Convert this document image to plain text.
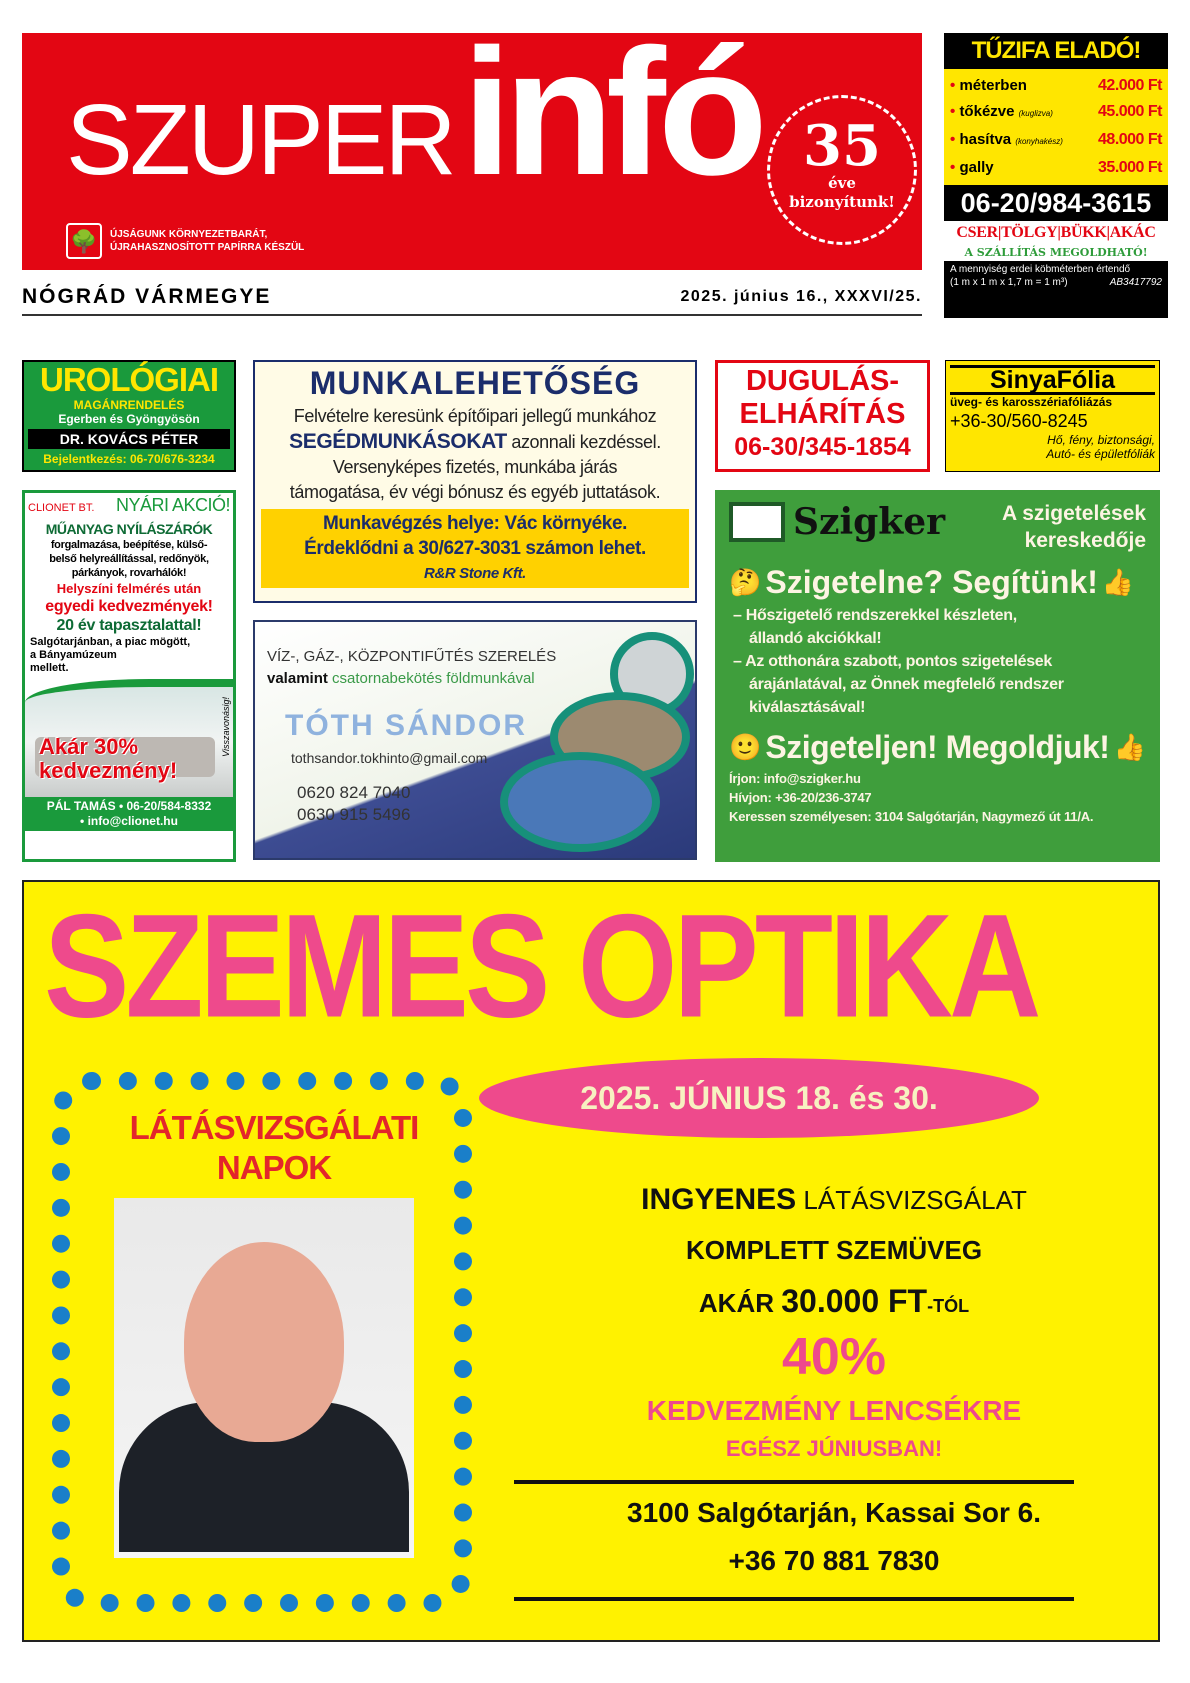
SZUPER infó 35
éve
bizonyítunk!
🌳	ÚJSÁGUNK KÖRNYEZETBARÁT,
ÚJRAHASZNOSÍTOTT PAPÍRRA KÉSZÜL
NÓGRÁD VÁRMEGYE	2025. június 16., XXXVI/25.
TŰZIFA ELADÓ!
• méterben	42.000 Ft
• tőkézve (kuglizva)	45.000 Ft
• hasítva (konyhakész) 48.000 Ft
• gally	35.000 Ft
06-20/984-3615
CSER|TÖLGY|BÜKK|AKÁC
A SZÁLLÍTÁS MEGOLDHATÓ!
A mennyiség erdei köbméterben értendő
(1 m x 1 m x 1,7 m = 1 m³)	AB3417792
UROLÓGIAI
MAGÁNRENDELÉS
Egerben és Gyöngyösön
DR. KOVÁCS PÉTER
Bejelentkezés: 06-70/676-3234
MUNKALEHETŐSÉG
Felvételre keresünk építőipari jellegű munkához
SEGÉDMUNKÁSOKAT azonnali kezdéssel.
Versenyképes fizetés, munkába járás
támogatása, év végi bónusz és egyéb juttatások.
Munkavégzés helye: Vác környéke.
Érdeklődni a 30/627-3031 számon lehet.
R&R Stone Kft.
DUGULÁS-
ELHÁRÍTÁS
06-30/345-1854
SinyaFólia
üveg- és karosszériafóliázás
+36-30/560-8245
Hő, fény, biztonsági,
Autó- és épületfóliák
CLIONET BT. NYÁRI AKCIÓ!
MŰANYAG NYÍLÁSZÁRÓK
forgalmazása, beépítése, külső-
belső helyreállítással, redőnyök,
párkányok, rovarhálók!
Helyszíni felmérés után
egyedi kedvezmények!
20 év tapasztalattal!
Salgótarjánban, a piac mögött,
a Bányamúzeum
mellett.
Akár 30%
kedvezmény!
Visszavonásig!
PÁL TAMÁS • 06-20/584-8332
• info@clionet.hu
VÍZ-, GÁZ-, KÖZPONTIFŰTÉS SZERELÉS
valamint csatornabekötés földmunkával
TÓTH SÁNDOR
tothsandor.tokhinto@gmail.com
0620 824 7040
0630 915 5496
Szigker	A szigetelések
kereskedője
🤔 Szigetelne? Segítünk! 👍
– Hőszigetelő rendszerekkel készleten,
állandó akciókkal!
– Az otthonára szabott, pontos szigetelések
árajánlatával, az Önnek megfelelő rendszer
kiválasztásával!
🙂 Szigeteljen! Megoldjuk! 👍
Írjon: info@szigker.hu
Hívjon: +36-20/236-3747
Keressen személyesen: 3104 Salgótarján, Nagymező út 11/A.
SZEMES OPTIKA
LÁTÁSVIZSGÁLATI
NAPOK
2025. JÚNIUS 18. és 30.
INGYENES LÁTÁSVIZSGÁLAT
KOMPLETT SZEMÜVEG
AKÁR 30.000 FT-TÓL
40%
KEDVEZMÉNY LENCSÉKRE
EGÉSZ JÚNIUSBAN!
3100 Salgótarján, Kassai Sor 6.
+36 70 881 7830
